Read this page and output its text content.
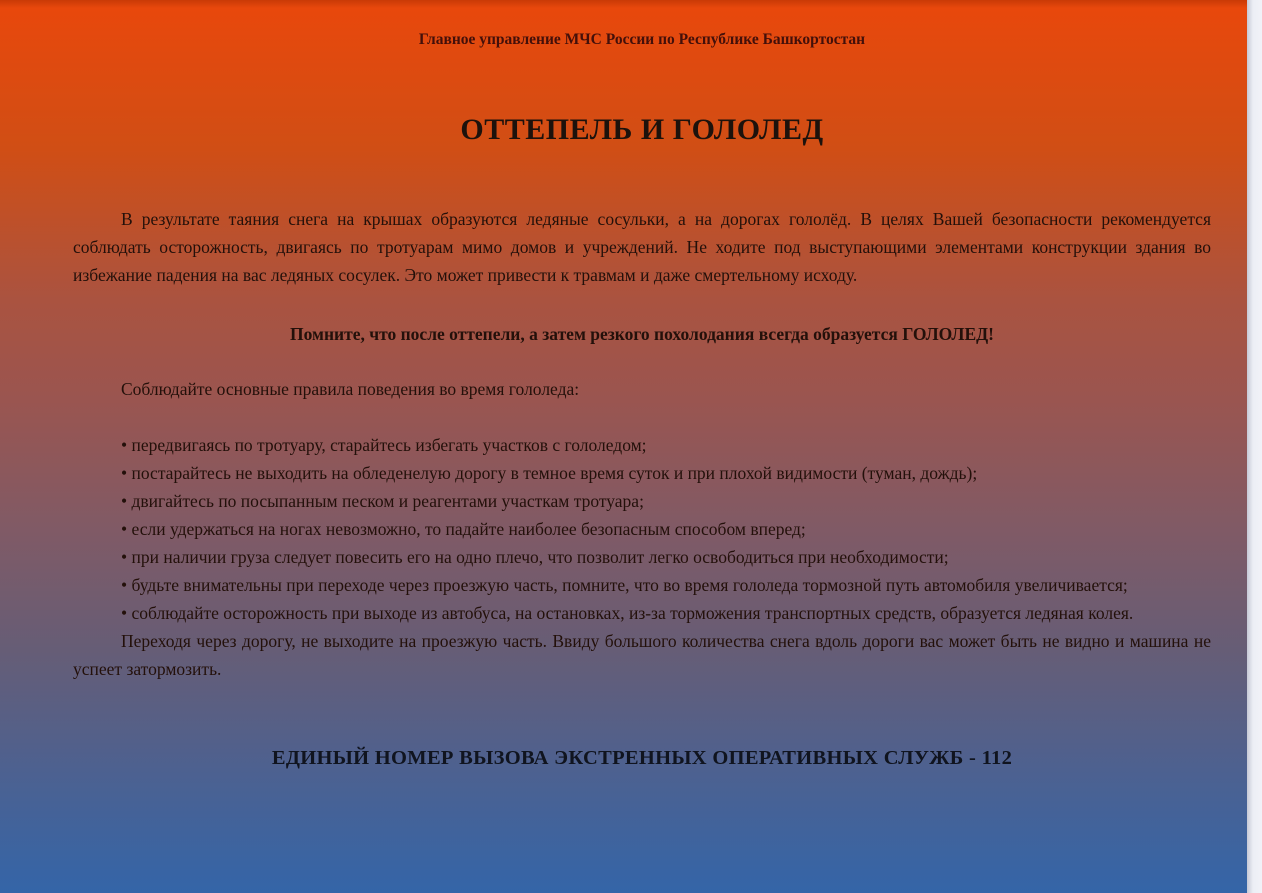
Главное управление МЧС России по Республике Башкортостан
ОТТЕПЕЛЬ И ГОЛОЛЕД

В результате таяния снега на крышах образуются ледяные сосульки, а на дорогах гололёд. В целях Вашей безопасности рекомендуется соблюдать осторожность, двигаясь по тротуарам мимо домов и учреждений. Не ходите под выступающими элементами конструкции здания во избежание падения на вас ледяных сосулек. Это может привести к травмам и даже смертельному исходу.

Помните, что после оттепели, а затем резкого похолодания всегда образуется ГОЛОЛЕД!

Соблюдайте основные правила поведения во время гололеда:

• передвигаясь по тротуару, старайтесь избегать участков с гололедом;

• постарайтесь не выходить на обледенелую дорогу в темное время суток и при плохой видимости (туман, дождь);

• двигайтесь по посыпанным песком и реагентами участкам тротуара;

• если удержаться на ногах невозможно, то падайте наиболее безопасным способом вперед;

• при наличии груза следует повесить его на одно плечо, что позволит легко освободиться при необходимости;

• будьте внимательны при переходе через проезжую часть, помните, что во время гололеда тормозной путь автомобиля увеличивается;

• соблюдайте осторожность при выходе из автобуса, на остановках, из-за торможения транспортных средств, образуется ледяная колея.

Переходя через дорогу, не выходите на проезжую часть. Ввиду большого количества снега вдоль дороги вас может быть не видно и машина не успеет затормозить.

ЕДИНЫЙ НОМЕР ВЫЗОВА ЭКСТРЕННЫХ ОПЕРАТИВНЫХ СЛУЖБ - 112
